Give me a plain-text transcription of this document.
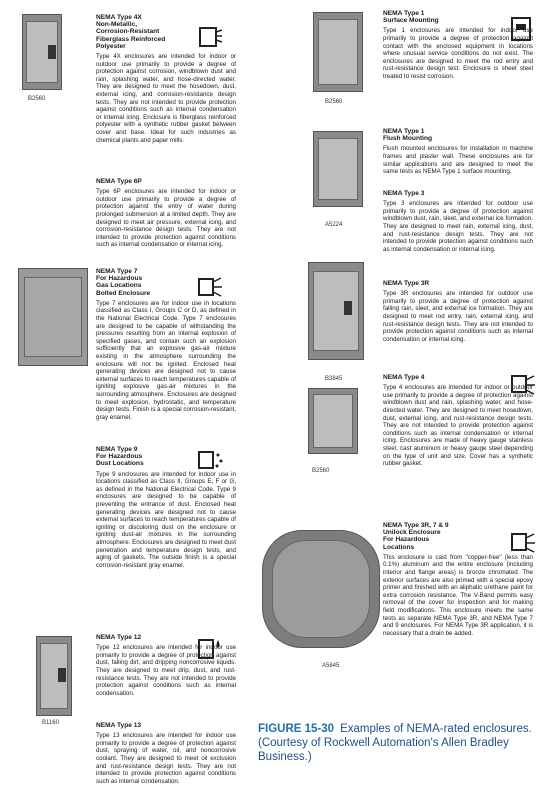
B2560
B1160
B2560
A5224
B3845
B2560
A5845
NEMA Type 4X
Non-Metallic,
Corrosion-Resistant
Fiberglass Reinforced
Polyester

Type 4X enclosures are intended for indoor or outdoor use primarily to provide a degree of protection against corrosion, windblown dust and rain, splashing water, and hose-directed water. They are designed to meet the hosedown, dust, external icing, and corrosion-resistance design tests. They are not intended to provide protection against conditions such as internal condensation or internal icing. Enclosure is fiberglass reinforced polyester with a synthetic rubber gasket between cover and base. Ideal for such industries as chemical plants and paper mills.

NEMA Type 6P

Type 6P enclosures are intended for indoor or outdoor use primarily to provide a degree of protection against the entry of water during prolonged submersion at a limited depth. They are designed to meet air pressure, external icing, and corrosion-resistance design tests. They are not intended to provide protection against conditions such as internal condensation or internal icing.

NEMA Type 7
For Hazardous
Gas Locations
Bolted Enclosure

Type 7 enclosures are for indoor use in locations classified as Class I, Groups C or D, as defined in the National Electrical Code. Type 7 enclosures are designed to be capable of withstanding the pressures resulting from an internal explosion of specified gases, and contain such an explosion sufficiently that an explosive gas-air mixture existing in the atmosphere surrounding the enclosure will not be ignited. Enclosed heat generating devices are designed not to cause external surfaces to reach temperatures capable of igniting explosive gas-air mixtures in the surrounding atmosphere. Enclosures are designed to meet explosion, hydrostatic, and temperature design tests. Finish is a special corrosion-resistant, gray enamel.

NEMA Type 9
For Hazardous
Dust Locations

Type 9 enclosures are intended for indoor use in locations classified as Class II, Groups E, F or G, as defined in the National Electrical Code. Type 9 enclosures are designed to be capable of preventing the entrance of dust. Enclosed heat generating devices are designed not to cause external surfaces to reach temperatures capable of igniting or discoloring dust on the enclosure or igniting dust-air mixtures in the surrounding atmosphere. Enclosures are designed to meet dust penetration and temperature design tests, and aging of gaskets. The outside finish is a special corrosion-resistant gray enamel.

NEMA Type 12

Type 12 enclosures are intended for indoor use primarily to provide a degree of protection against dust, falling dirt, and dripping noncorrosive liquids. They are designed to meet drip, dust, and rust-resistance tests. They are not intended to provide protection against conditions such as internal condensation.

NEMA Type 13

Type 13 enclosures are intended for indoor use primarily to provide a degree of protection against dust, spraying of water, oil, and noncorrosive coolant. They are designed to meet oil exclusion and rust-resistance design tests. They are not intended to provide protection against conditions such as internal condensation.

NEMA Type 1
Surface Mounting

Type 1 enclosures are intended for indoor use primarily to provide a degree of protection against contact with the enclosed equipment in locations where unusual service conditions do not exist. The enclosures are designed to meet the rod entry and rust-resistance design test. Enclosure is sheet steel treated to resist corrosion.

NEMA Type 1
Flush Mounting

Flush mounted enclosures for installation in machine frames and plaster wall. These enclosures are for similar applications and are designed to meet the same tests as NEMA Type 1 surface mounting.

NEMA Type 3

Type 3 enclosures are intended for outdoor use primarily to provide a degree of protection against windblown dust, rain, sleet, and external ice formation. They are designed to meet rain, external icing, dust, and rust-resistance design tests. They are not intended to provide protection against conditions such as internal condensation or internal icing.

NEMA Type 3R

Type 3R enclosures are intended for outdoor use primarily to provide a degree of protection against falling rain, sleet, and external ice formation. They are designed to meet rod entry, rain, external icing, and rust-resistance design tests. They are not intended to provide protection against conditions such as internal condensation or internal icing.

NEMA Type 4

Type 4 enclosures are intended for indoor or outdoor use primarily to provide a degree of protection against windblown dust and rain, splashing water, and hose-directed water. They are designed to meet hosedown, dust, external icing, and rust-resistance design tests. They are not intended to provide protection against conditions such as internal condensation or internal icing. Enclosures are made of heavy gauge stainless steel, cast aluminum or heavy gauge steel depending on the type of unit and size. Cover has a synthetic rubber gasket.

NEMA Type 3R, 7 & 9
Unilock Enclosure
For Hazardous
Locations

This enclosure is cast from "copper-free" (less than 0.1%) aluminum and the entire enclosure (including interior and flange areas) is bronze chromated. The exterior surfaces are also primed with a special epoxy primer and finished with an aliphatic urethane paint for extra corrosion resistance. The V-Band permits easy removal of the cover for inspection and for making field modifications. This enclosure meets the same tests as separate NEMA Type 3R, and NEMA Type 7 and 9 enclosures. For NEMA Type 3R application, it is necessary that a drain be added.

FIGURE 15-30 Examples of NEMA-rated enclosures. (Courtesy of Rockwell Automation's Allen Bradley Business.)
